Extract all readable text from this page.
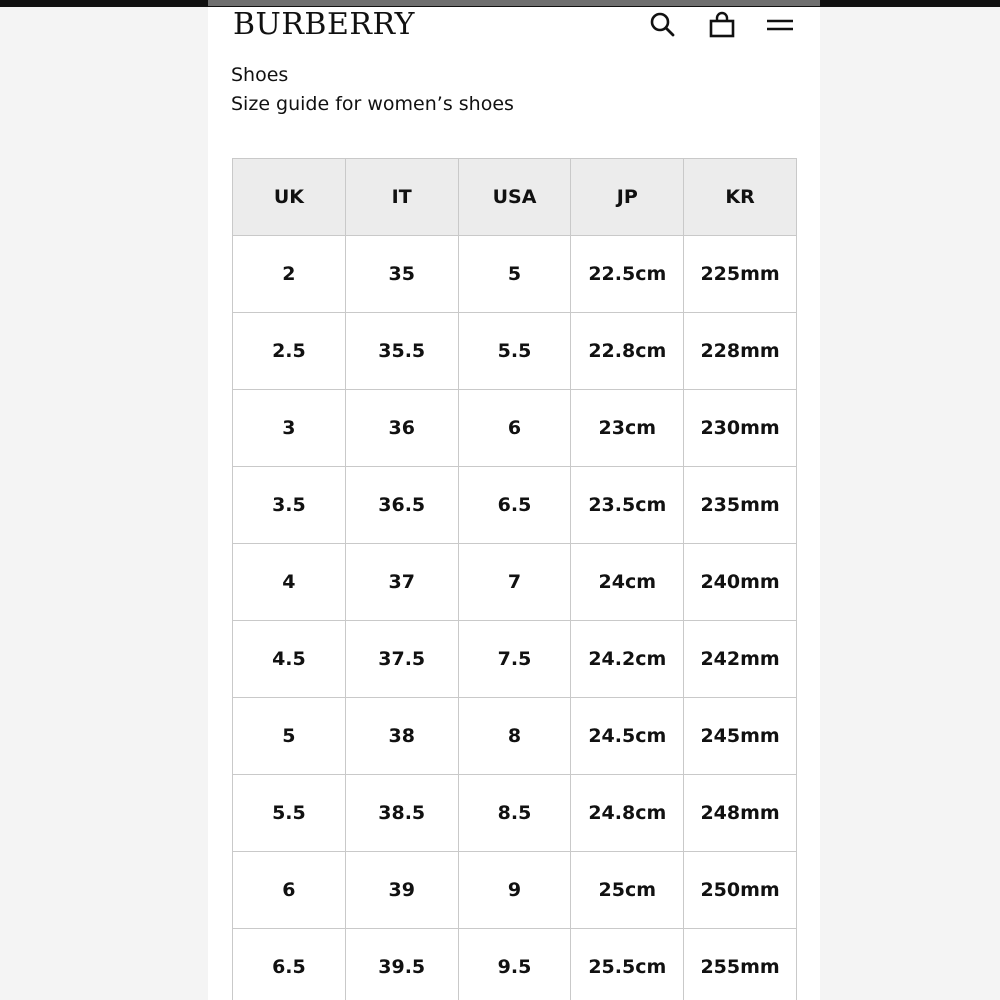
BURBERRY
Shoes
Size guide for women’s shoes
UK	IT	USA	JP	KR
2	35	5	22.5cm	225mm
2.5	35.5	5.5	22.8cm	228mm
3	36	6	23cm	230mm
3.5	36.5	6.5	23.5cm	235mm
4	37	7	24cm	240mm
4.5	37.5	7.5	24.2cm	242mm
5	38	8	24.5cm	245mm
5.5	38.5	8.5	24.8cm	248mm
6	39	9	25cm	250mm
6.5	39.5	9.5	25.5cm	255mm
